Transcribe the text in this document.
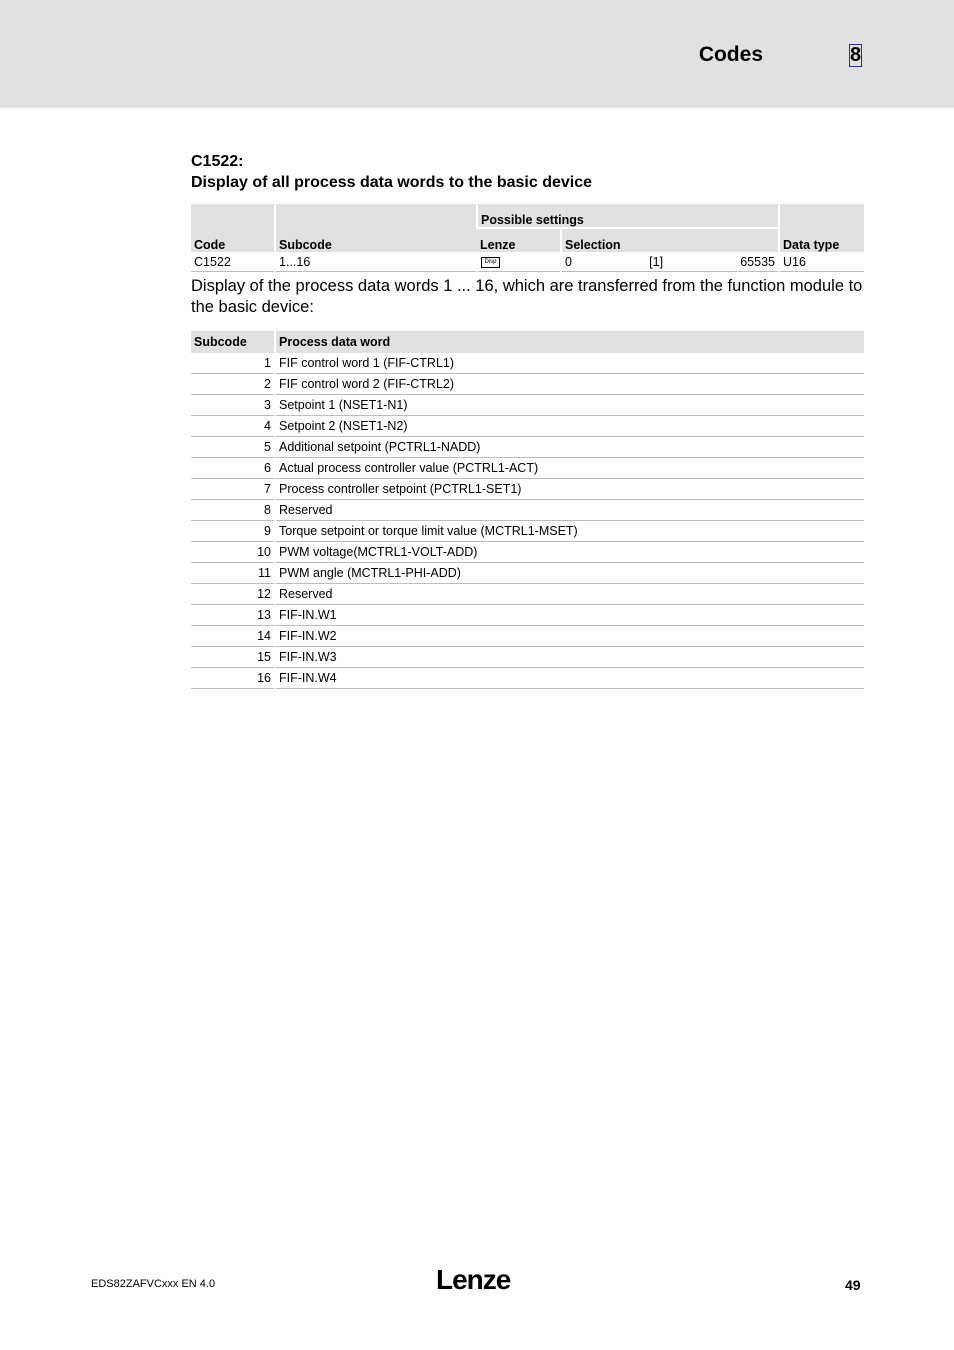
Codes	8
C1522:
Display of all process data words to the basic device
Code	Subcode	Possible settings		Data type
		Lenze	Selection	
C1522	1...16	Disp	0 [1] 65535	U16
Display of the process data words 1 ... 16, which are transferred from the function module to the basic device:
Subcode	Process data word
1	FIF control word 1 (FIF-CTRL1)
2	FIF control word 2 (FIF-CTRL2)
3	Setpoint 1 (NSET1-N1)
4	Setpoint 2 (NSET1-N2)
5	Additional setpoint (PCTRL1-NADD)
6	Actual process controller value (PCTRL1-ACT)
7	Process controller setpoint (PCTRL1-SET1)
8	Reserved
9	Torque setpoint or torque limit value (MCTRL1-MSET)
10	PWM voltage(MCTRL1-VOLT-ADD)
11	PWM angle (MCTRL1-PHI-ADD)
12	Reserved
13	FIF-IN.W1
14	FIF-IN.W2
15	FIF-IN.W3
16	FIF-IN.W4
EDS82ZAFVCxxx EN 4.0	Lenze	49
